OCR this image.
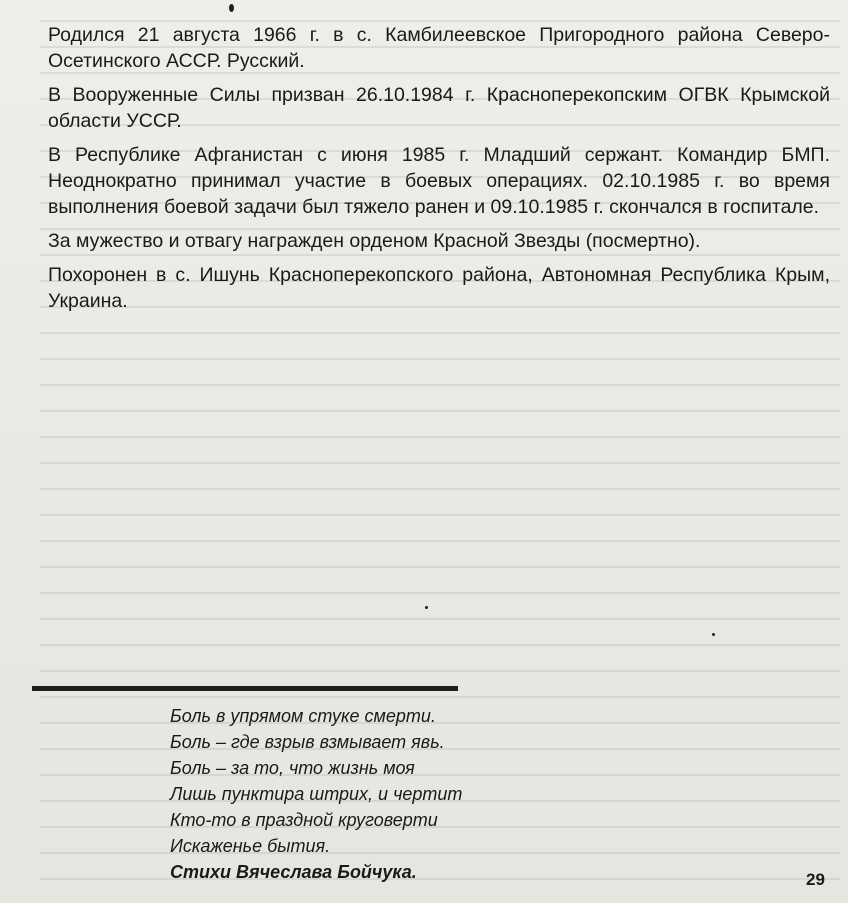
Родился 21 августа 1966 г. в с. Камбилеевское Пригородного района Северо-Осетинского АССР. Русский.

В Вооруженные Силы призван 26.10.1984 г. Красноперекопским ОГВК Крымской области УССР.

В Республике Афганистан с июня 1985 г. Младший сержант. Командир БМП. Неоднократно принимал участие в боевых операциях. 02.10.1985 г. во время выполнения боевой задачи был тяжело ранен и 09.10.1985 г. скончался в госпитале.

За мужество и отвагу награжден орденом Красной Звезды (посмертно).

Похоронен в с. Ишунь Красноперекопского района, Автономная Республика Крым, Украина.

Боль в упрямом стуке смерти.
Боль – где взрыв взмывает явь.
Боль – за то, что жизнь моя
Лишь пунктира штрих, и чертит
Кто-то в праздной круговерти
Искаженье бытия.
Стихи Вячеслава Бойчука.	29
